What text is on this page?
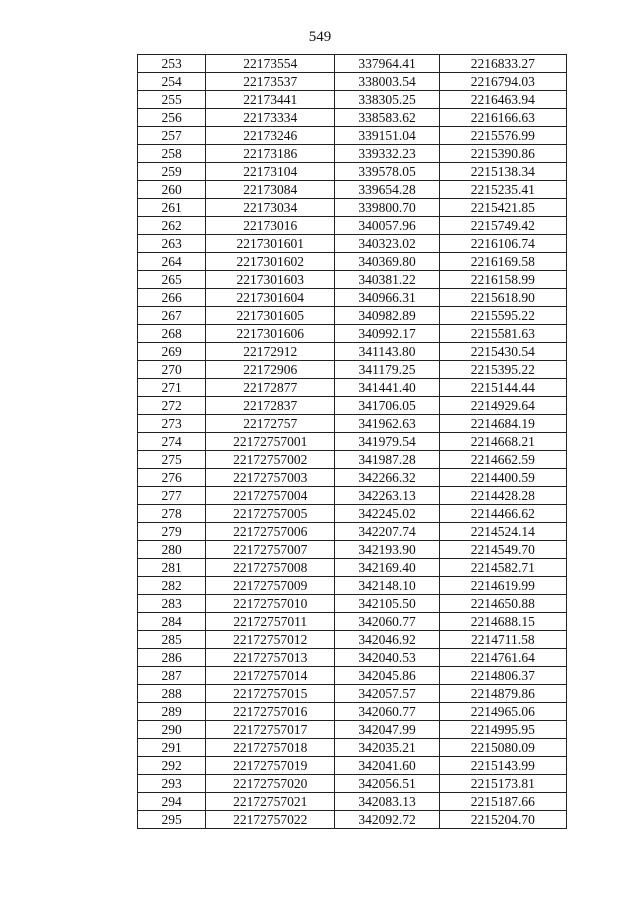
549
253	22173554	337964.41	2216833.27
254	22173537	338003.54	2216794.03
255	22173441	338305.25	2216463.94
256	22173334	338583.62	2216166.63
257	22173246	339151.04	2215576.99
258	22173186	339332.23	2215390.86
259	22173104	339578.05	2215138.34
260	22173084	339654.28	2215235.41
261	22173034	339800.70	2215421.85
262	22173016	340057.96	2215749.42
263	2217301601	340323.02	2216106.74
264	2217301602	340369.80	2216169.58
265	2217301603	340381.22	2216158.99
266	2217301604	340966.31	2215618.90
267	2217301605	340982.89	2215595.22
268	2217301606	340992.17	2215581.63
269	22172912	341143.80	2215430.54
270	22172906	341179.25	2215395.22
271	22172877	341441.40	2215144.44
272	22172837	341706.05	2214929.64
273	22172757	341962.63	2214684.19
274	22172757001	341979.54	2214668.21
275	22172757002	341987.28	2214662.59
276	22172757003	342266.32	2214400.59
277	22172757004	342263.13	2214428.28
278	22172757005	342245.02	2214466.62
279	22172757006	342207.74	2214524.14
280	22172757007	342193.90	2214549.70
281	22172757008	342169.40	2214582.71
282	22172757009	342148.10	2214619.99
283	22172757010	342105.50	2214650.88
284	22172757011	342060.77	2214688.15
285	22172757012	342046.92	2214711.58
286	22172757013	342040.53	2214761.64
287	22172757014	342045.86	2214806.37
288	22172757015	342057.57	2214879.86
289	22172757016	342060.77	2214965.06
290	22172757017	342047.99	2214995.95
291	22172757018	342035.21	2215080.09
292	22172757019	342041.60	2215143.99
293	22172757020	342056.51	2215173.81
294	22172757021	342083.13	2215187.66
295	22172757022	342092.72	2215204.70
